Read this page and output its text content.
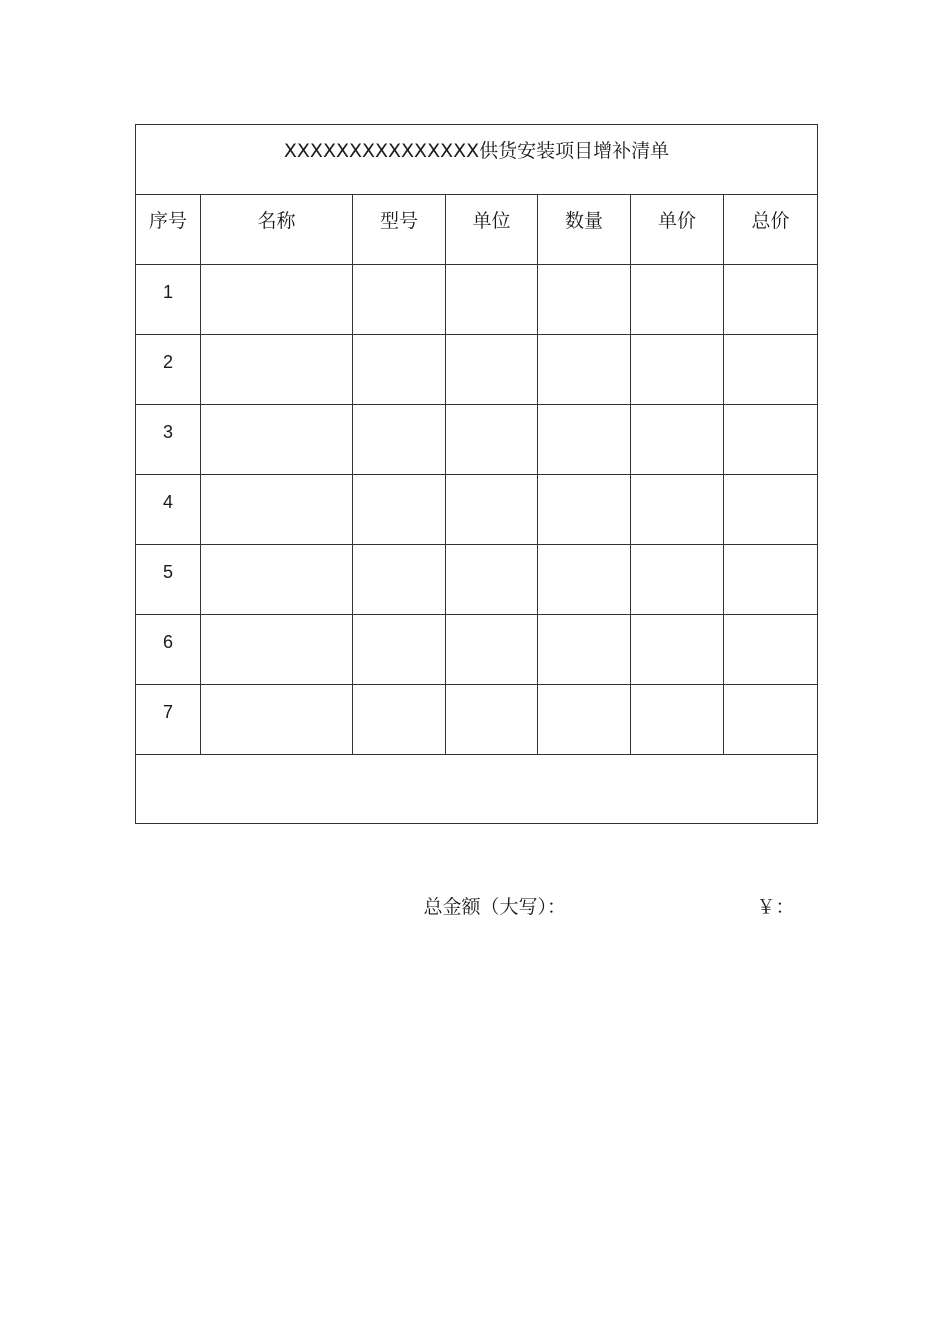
XXXXXXXXXXXXXXX供货安装项目增补清单						
序号	名称	型号	单位	数量	单价	总价
1						
2						
3						
4						
5						
6						
7						

总金额（大写）： ￥：						
